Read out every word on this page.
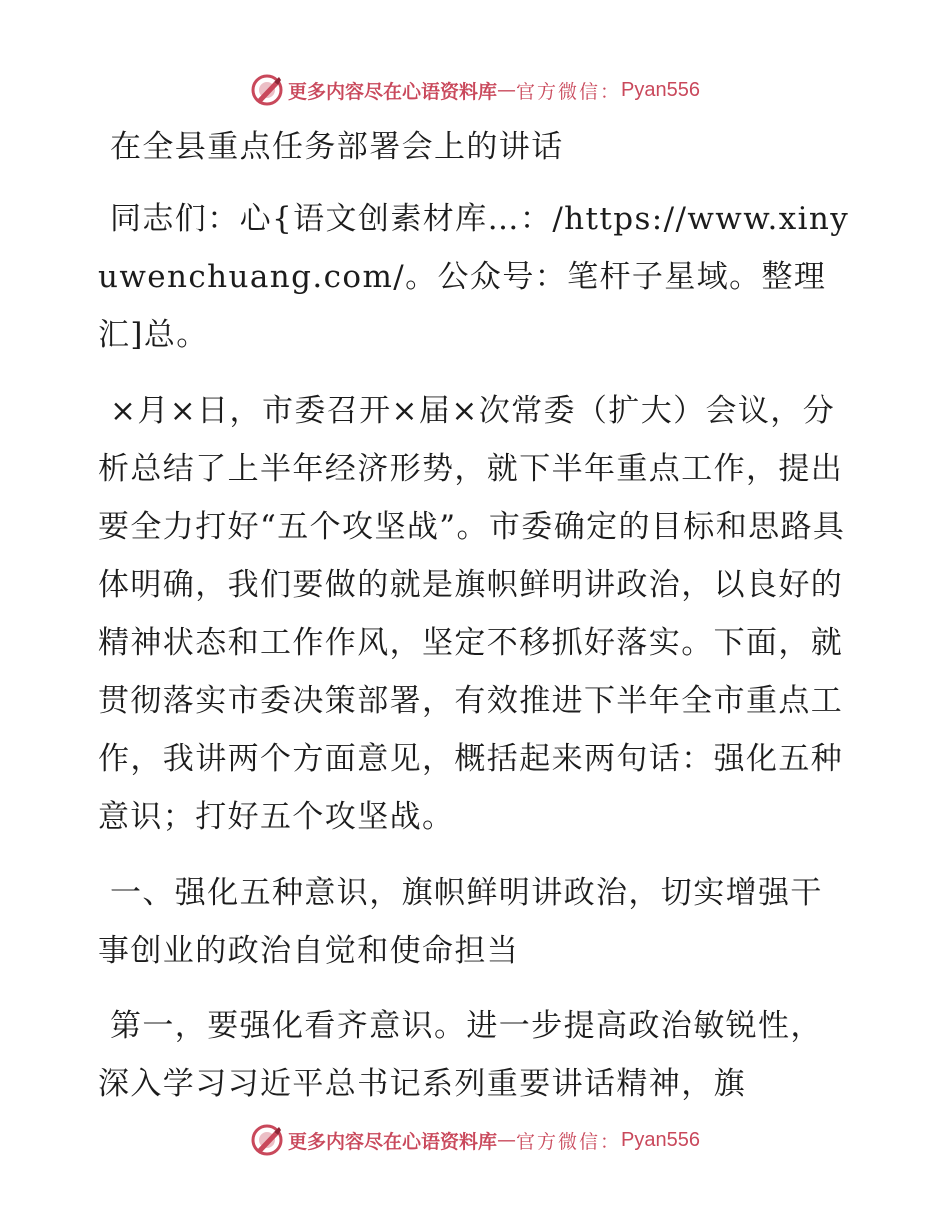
更多内容尽在心语资料库 — 官方微信： Pyan556

在全县重点任务部署会上的讲话

同志们：心{语文创素材库…：/https://www.xinyuwenchuang.com/。公众号：笔杆子星域。整理汇]总。

×月×日，市委召开×届×次常委（扩大）会议，分析总结了上半年经济形势，就下半年重点工作，提出要全力打好“五个攻坚战”。市委确定的目标和思路具体明确，我们要做的就是旗帜鲜明讲政治，以良好的精神状态和工作作风，坚定不移抓好落实。下面，就贯彻落实市委决策部署，有效推进下半年全市重点工作，我讲两个方面意见，概括起来两句话：强化五种意识；打好五个攻坚战。

一、强化五种意识，旗帜鲜明讲政治，切实增强干事创业的政治自觉和使命担当

第一，要强化看齐意识。进一步提高政治敏锐性，深入学习习近平总书记系列重要讲话精神，旗

更多内容尽在心语资料库 — 官方微信： Pyan556
